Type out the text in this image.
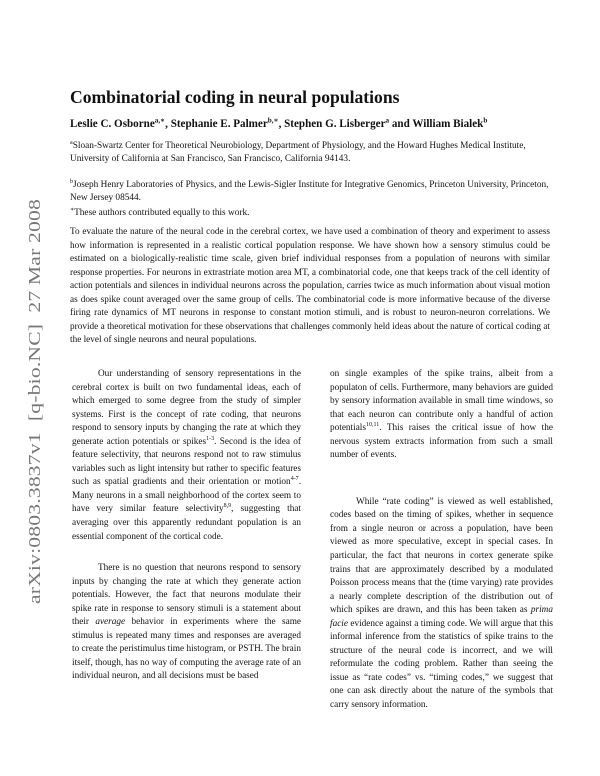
arXiv:0803.3837v1  [q-bio.NC]  27 Mar 2008
Combinatorial coding in neural populations

Leslie C. Osborne$^{a,∗}$, Stephanie E. Palmer$^{b,∗}$, Stephen G. Lisberger$^a$ and William Bialek$^b$

$^a$Sloan-Swartz Center for Theoretical Neurobiology, Department of Physiology, and the Howard Hughes Medical Institute, University of California at San Francisco, San Francisco, California 94143.

$^b$Joseph Henry Laboratories of Physics, and the Lewis-Sigler Institute for Integrative Genomics, Princeton University, Princeton, New Jersey 08544.

∗These authors contributed equally to this work.

To evaluate the nature of the neural code in the cerebral cortex, we have used a combination of theory and experiment to assess how information is represented in a realistic cortical population response. We have shown how a sensory stimulus could be estimated on a biologically-realistic time scale, given brief individual responses from a population of neurons with similar response properties. For neurons in extrastriate motion area MT, a combinatorial code, one that keeps track of the cell identity of action potentials and silences in individual neurons across the population, carries twice as much information about visual motion as does spike count averaged over the same group of cells. The combinatorial code is more informative because of the diverse firing rate dynamics of MT neurons in response to constant motion stimuli, and is robust to neuron-neuron correlations. We provide a theoretical motivation for these observations that challenges commonly held ideas about the nature of cortical coding at the level of single neurons and neural populations.

Our understanding of sensory representations in the cerebral cortex is built on two fundamental ideas, each of which emerged to some degree from the study of simpler systems. First is the concept of rate coding, that neurons respond to sensory inputs by changing the rate at which they generate action potentials or spikes$^{1-3}$. Second is the idea of feature selectivity, that neurons respond not to raw stimulus variables such as light intensity but rather to specific features such as spatial gradients and their orientation or motion$^{4-7}$. Many neurons in a small neighborhood of the cortex seem to have very similar feature selectivity$^{8,9}$, suggesting that averaging over this apparently redundant population is an essential component of the cortical code.

There is no question that neurons respond to sensory inputs by changing the rate at which they generate action potentials. However, the fact that neurons modulate their spike rate in response to sensory stimuli is a statement about their average behavior in experiments where the same stimulus is repeated many times and responses are averaged to create the peristimulus time histogram, or PSTH. The brain itself, though, has no way of computing the average rate of an individual neuron, and all decisions must be based

on single examples of the spike trains, albeit from a populaton of cells. Furthermore, many behaviors are guided by sensory information available in small time windows, so that each neuron can contribute only a handful of action potentials$^{10,11}$. This raises the critical issue of how the nervous system extracts information from such a small number of events.

While “rate coding” is viewed as well established, codes based on the timing of spikes, whether in sequence from a single neuron or across a population, have been viewed as more speculative, except in special cases. In particular, the fact that neurons in cortex generate spike trains that are approximately described by a modulated Poisson process means that the (time varying) rate provides a nearly complete description of the distribution out of which spikes are drawn, and this has been taken as prima facie evidence against a timing code. We will argue that this informal inference from the statistics of spike trains to the structure of the neural code is incorrect, and we will reformulate the coding problem. Rather than seeing the issue as “rate codes” vs. “timing codes,” we suggest that one can ask directly about the nature of the symbols that carry sensory information.
